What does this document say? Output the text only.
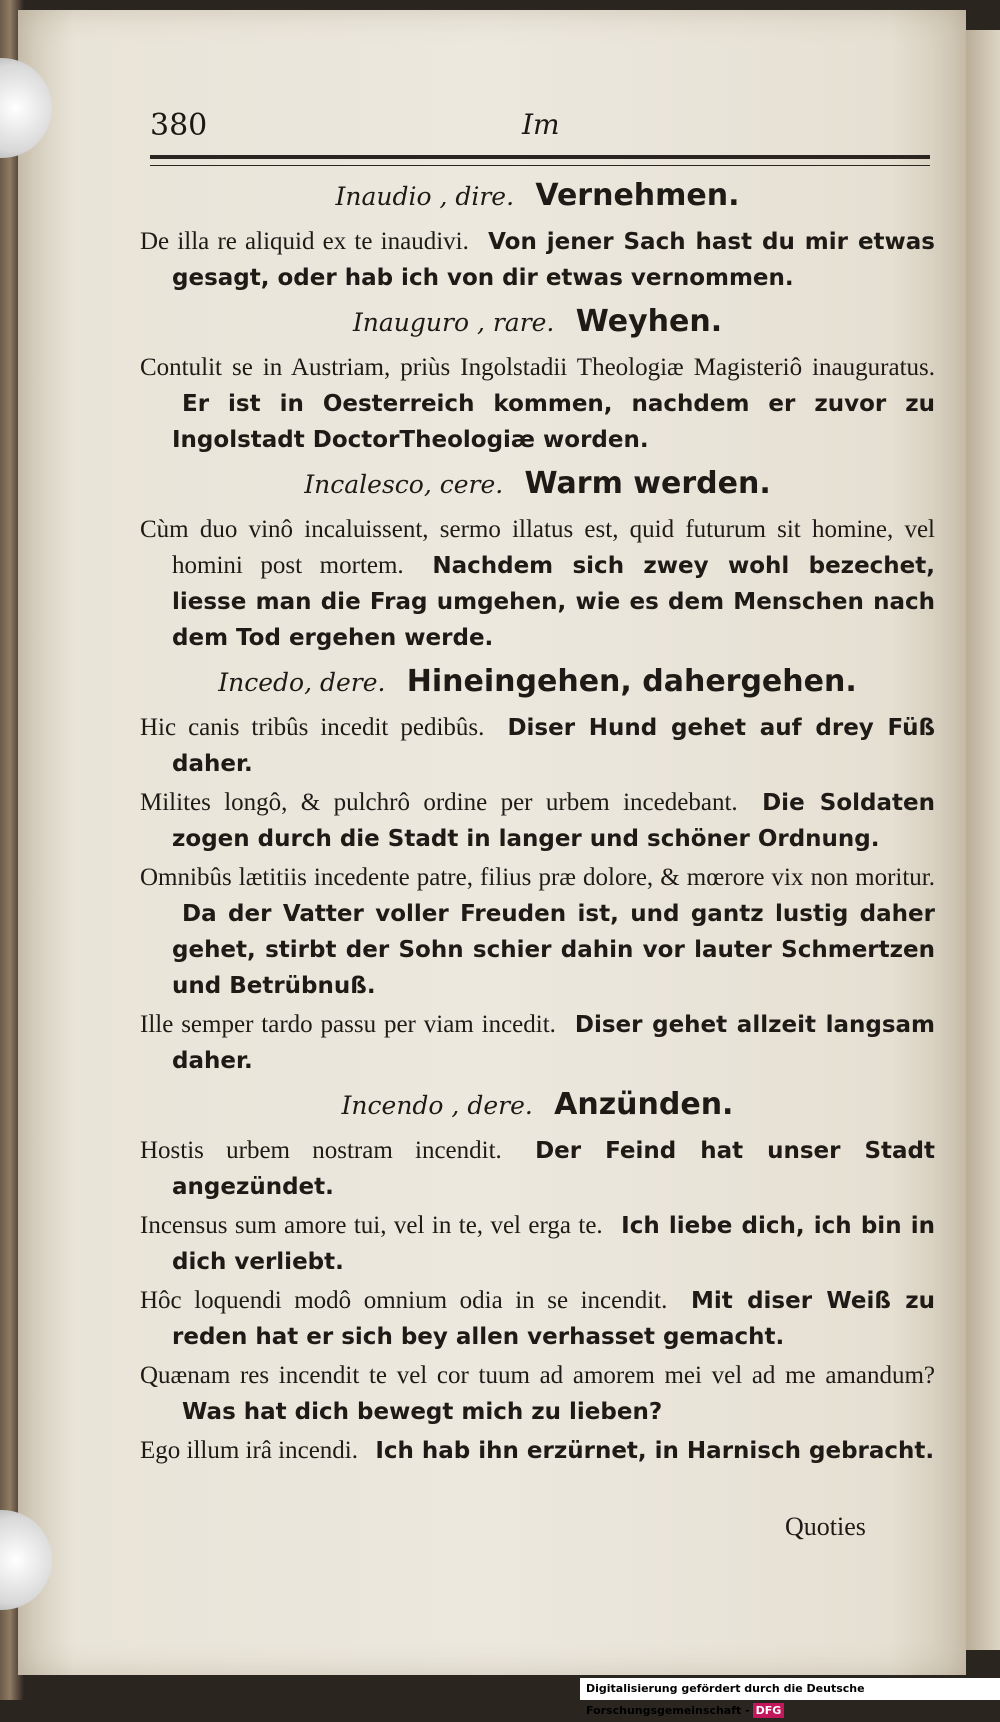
380	Im
Inaudio , dire. Vernehmen.

De illa re aliquid ex te inaudivi. Von jener Sach hast du mir etwas gesagt, oder hab ich von dir etwas vernommen.

Inauguro , rare. Weyhen.

Contulit se in Austriam, priùs Ingolstadii Theologiæ Magisteriô inauguratus. Er ist in Oesterreich kommen, nachdem er zuvor zu Ingolstadt DoctorTheologiæ worden.

Incalesco, cere. Warm werden.

Cùm duo vinô incaluissent, sermo illatus est, quid futurum sit homine, vel homini post mortem. Nachdem sich zwey wohl bezechet, liesse man die Frag umgehen, wie es dem Menschen nach dem Tod ergehen werde.

Incedo, dere. Hineingehen, dahergehen.

Hic canis tribûs incedit pedibûs. Diser Hund gehet auf drey Füß daher.

Milites longô, & pulchrô ordine per urbem incedebant. Die Soldaten zogen durch die Stadt in langer und schöner Ordnung.

Omnibûs lætitiis incedente patre, filius præ dolore, & mœrore vix non moritur. Da der Vatter voller Freuden ist, und gantz lustig daher gehet, stirbt der Sohn schier dahin vor lauter Schmertzen und Betrübnuß.

Ille semper tardo passu per viam incedit. Diser gehet allzeit langsam daher.

Incendo , dere. Anzünden.

Hostis urbem nostram incendit. Der Feind hat unser Stadt angezündet.

Incensus sum amore tui, vel in te, vel erga te. Ich liebe dich, ich bin in dich verliebt.

Hôc loquendi modô omnium odia in se incendit. Mit diser Weiß zu reden hat er sich bey allen verhasset gemacht.

Quænam res incendit te vel cor tuum ad amorem mei vel ad me amandum? Was hat dich bewegt mich zu lieben?

Ego illum irâ incendi. Ich hab ihn erzürnet, in Harnisch gebracht.

Quoties
Digitalisierung gefördert durch die Deutsche Forschungsgemeinschaft - DFG
